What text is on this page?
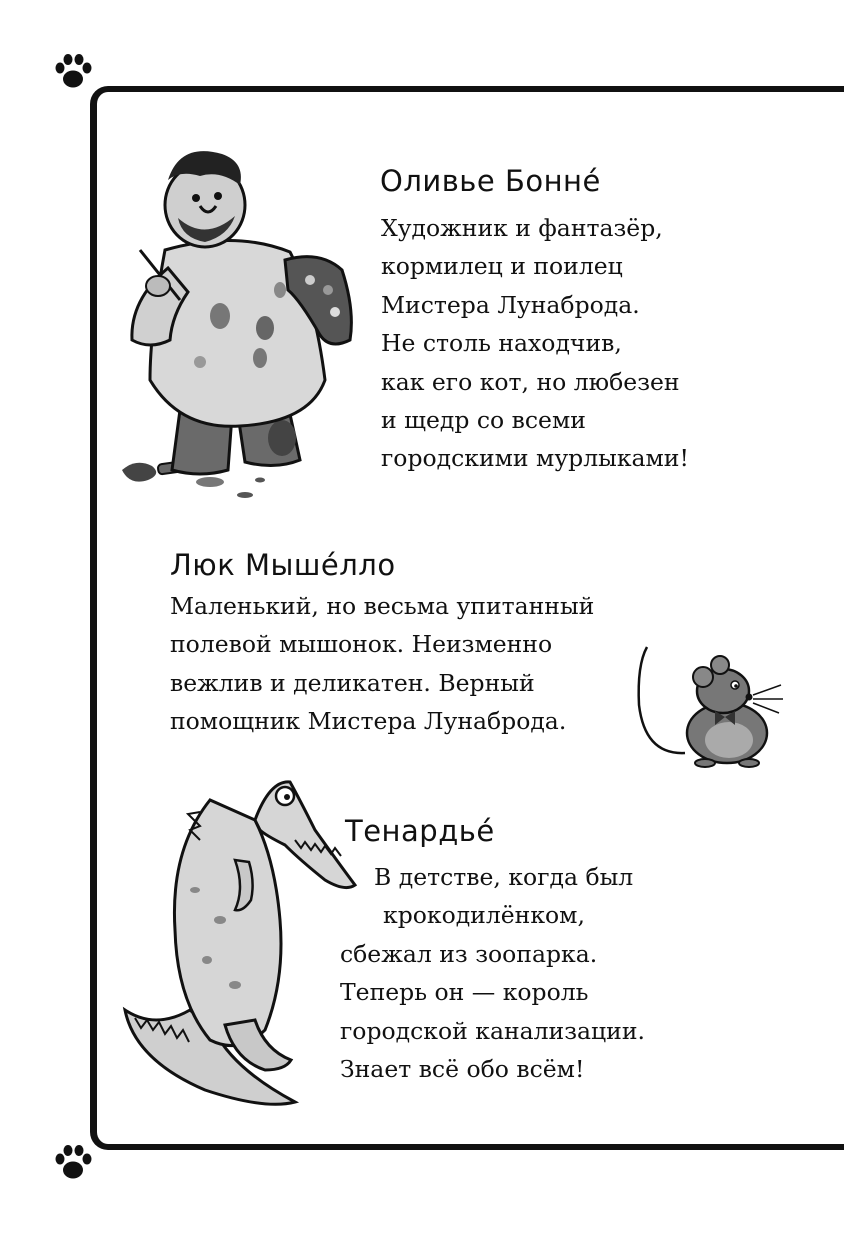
Оливье Бонне́
Художник и фантазёр,
кормилец и поилец
Мистера Лунаброда.
Не столь находчив,
как его кот, но любезен
и щедр со всеми
городскими мурлыками!
Люк Мыше́лло
Маленький, но весьма упитанный
полевой мышонок. Неизменно
вежлив и деликатен. Верный
помощник Мистера Лунаброда.
Тенардье́
В детстве, когда был
крокодилёнком,
сбежал из зоопарка.
Теперь он — король
городской канализации.
Знает всё обо всём!
